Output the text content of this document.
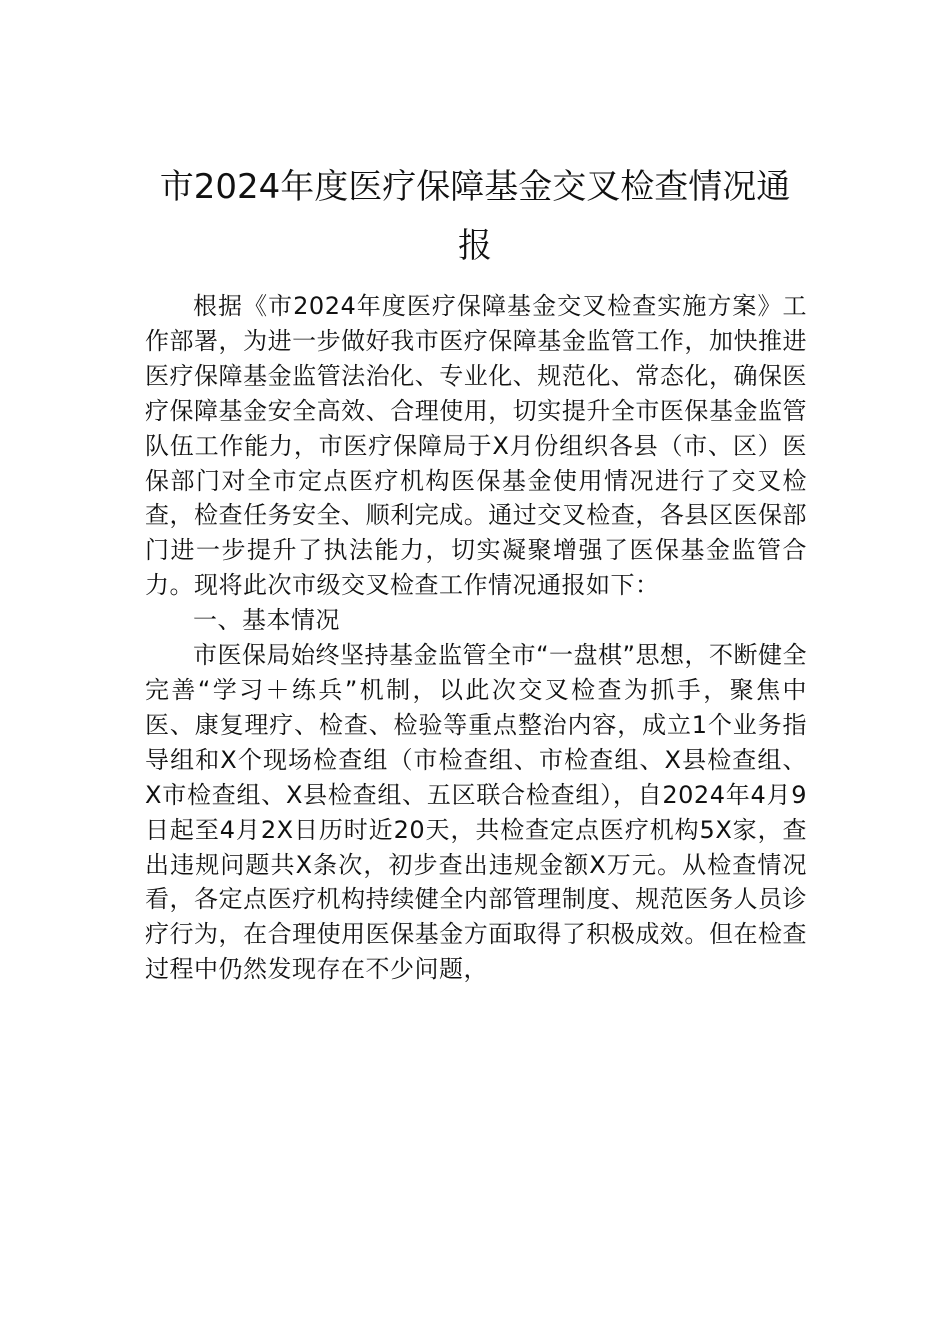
市2024年度医疗保障基金交叉检查情况通报

根据《市2024年度医疗保障基金交叉检查实施方案》工作部署，为进一步做好我市医疗保障基金监管工作，加快推进医疗保障基金监管法治化、专业化、规范化、常态化，确保医疗保障基金安全高效、合理使用，切实提升全市医保基金监管队伍工作能力，市医疗保障局于X月份组织各县（市、区）医保部门对全市定点医疗机构医保基金使用情况进行了交叉检查，检查任务安全、顺利完成。通过交叉检查，各县区医保部门进一步提升了执法能力，切实凝聚增强了医保基金监管合力。现将此次市级交叉检查工作情况通报如下：

一、基本情况

市医保局始终坚持基金监管全市“一盘棋”思想，不断健全完善“学习＋练兵”机制，以此次交叉检查为抓手，聚焦中医、康复理疗、检查、检验等重点整治内容，成立1个业务指导组和X个现场检查组（市检查组、市检查组、X县检查组、X市检查组、X县检查组、五区联合检查组），自2024年4月9日起至4月2X日历时近20天，共检查定点医疗机构5X家，查出违规问题共X条次，初步查出违规金额X万元。从检查情况看，各定点医疗机构持续健全内部管理制度、规范医务人员诊疗行为，在合理使用医保基金方面取得了积极成效。但在检查过程中仍然发现存在不少问题，
